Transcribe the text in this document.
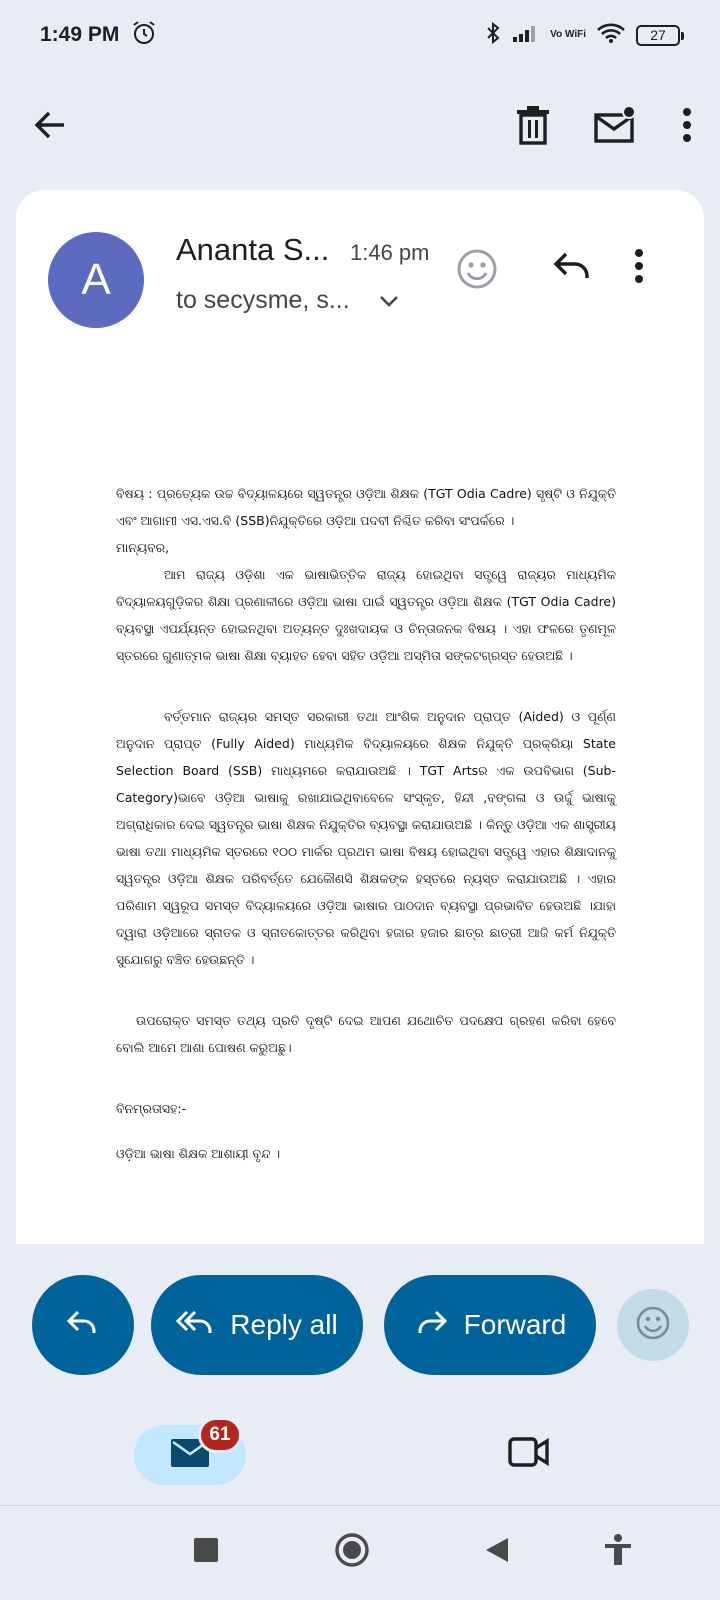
1:49 PM	Vo WiFi	27
A
Ananta S... 1:46 pm
to secysme, s...

ବିଷୟ : ପ୍ରତ୍ୟେକ ଉଚ୍ଚ ବିଦ୍ୟାଳୟରେ ସ୍ୱତନ୍ତ୍ର ଓଡ଼ିଆ ଶିକ୍ଷକ (TGT Odia Cadre) ସୃଷ୍ଟି ଓ ନିଯୁକ୍ତି ଏବଂ ଆଗାମୀ ଏସ.ଏସ.ବି (SSB)ନିଯୁକ୍ତିରେ ଓଡ଼ିଆ ପଦବୀ ନିଶ୍ଚିତ କରିବା ସଂପର୍କରେ ।

ମାନ୍ୟବର,

ଆମ ରାଜ୍ୟ ଓଡ଼ିଶା ଏକ ଭାଷାଭିତ୍ତିକ ରାଜ୍ୟ ହୋଇଥିବା ସତ୍ତ୍ୱେ ରାଜ୍ୟର ମାଧ୍ୟମିକ ବିଦ୍ୟାଳୟଗୁଡ଼ିକର ଶିକ୍ଷା ପ୍ରଣାଳୀରେ ଓଡ଼ିଆ ଭାଷା ପାଇଁ ସ୍ୱତନ୍ତ୍ର ଓଡ଼ିଆ ଶିକ୍ଷକ (TGT Odia Cadre) ବ୍ୟବସ୍ଥା ଏପର୍ଯ୍ୟନ୍ତ ହୋଇନଥିବା ଅତ୍ୟନ୍ତ ଦୁଃଖଦାୟକ ଓ ଚିନ୍ତାଜନକ ବିଷୟ । ଏହା ଫଳରେ ତୃଣମୂଳ ସ୍ତରରେ ଗୁଣାତ୍ମକ ଭାଷା ଶିକ୍ଷା ବ୍ୟାହତ ହେବା ସହିତ ଓଡ଼ିଆ ଅସ୍ମିତା ସଙ୍କଟଗ୍ରସ୍ତ ହେଉଅଛି ।

ବର୍ତ୍ତମାନ ରାଜ୍ୟର ସମସ୍ତ ସରକାରୀ ତଥା ଆଂଶିକ ଅନୁଦାନ ପ୍ରାପ୍ତ (Aided) ଓ ପୂର୍ଣ୍ଣ ଅନୁଦାନ ପ୍ରାପ୍ତ (Fully Aided) ମାଧ୍ୟମିକ ବିଦ୍ୟାଳୟରେ ଶିକ୍ଷକ ନିଯୁକ୍ତି ପ୍ରକ୍ରିୟା State Selection Board (SSB) ମାଧ୍ୟମରେ କରାଯାଉଅଛି । TGT Artsର ଏକ ଉପବିଭାଗ (Sub-Category)ଭାବେ ଓଡ଼ିଆ ଭାଷାକୁ ରଖାଯାଇଥିବାବେଳେ ସଂସ୍କୃତ, ହିନ୍ଦୀ ,ବଙ୍ଗଳା ଓ ଉର୍ଦ୍ଦୁ ଭାଷାକୁ ଅଗ୍ରାଧିକାର ଦେଇ ସ୍ୱତନ୍ତ୍ର ଭାଷା ଶିକ୍ଷକ ନିଯୁକ୍ତିର ବ୍ୟବସ୍ଥା କରାଯାଉଅଛି । କିନ୍ତୁ ଓଡ଼ିଆ ଏକ ଶାସ୍ତ୍ରୀୟ ଭାଷା ତଥା ମାଧ୍ୟମିକ ସ୍ତରରେ ୧୦୦ ମାର୍କର ପ୍ରଥମ ଭାଷା ବିଷୟ ହୋଇଥିବା ସତ୍ତ୍ୱେ ଏହାର ଶିକ୍ଷାଦାନକୁ ସ୍ୱତନ୍ତ୍ର ଓଡ଼ିଆ ଶିକ୍ଷକ ପରିବର୍ତ୍ତେ ଯେକୌଣସି ଶିକ୍ଷକଙ୍କ ହସ୍ତରେ ନ୍ୟସ୍ତ କରାଯାଉଅଛି । ଏହାର ପରିଣାମ ସ୍ୱରୂପ ସମସ୍ତ ବିଦ୍ୟାଳୟରେ ଓଡ଼ିଆ ଭାଷାର ପାଠଦାନ ବ୍ୟବସ୍ଥା ପ୍ରଭାବିତ ହେଉଅଛି ।ଯାହା ଦ୍ୱାରା ଓଡ଼ିଆରେ ସ୍ନାତକ ଓ ସ୍ନାତକୋତ୍ତର କରିଥିବା ହଜାର ହଜାର ଛାତ୍ର ଛାତ୍ରୀ ଆଜି କର୍ମ ନିଯୁକ୍ତି ସୁଯୋଗରୁ ବଞ୍ଚିତ ହେଉଛନ୍ତି ।

ଉପରୋକ୍ତ ସମସ୍ତ ତଥ୍ୟ ପ୍ରତି ଦୃଷ୍ଟି ଦେଇ ଆପଣ ଯଥୋଚିତ ପଦକ୍ଷେପ ଗ୍ରହଣ କରିବା ହେବେ ବୋଲି ଆମେ ଆଶା ପୋଷଣ କରୁଅଛୁ।

ବିନମ୍ରତାସହ:-

ଓଡ଼ିଆ ଭାଷା ଶିକ୍ଷକ ଆଶାୟୀ ବୃନ୍ଦ ।

Reply all	Forward
61
